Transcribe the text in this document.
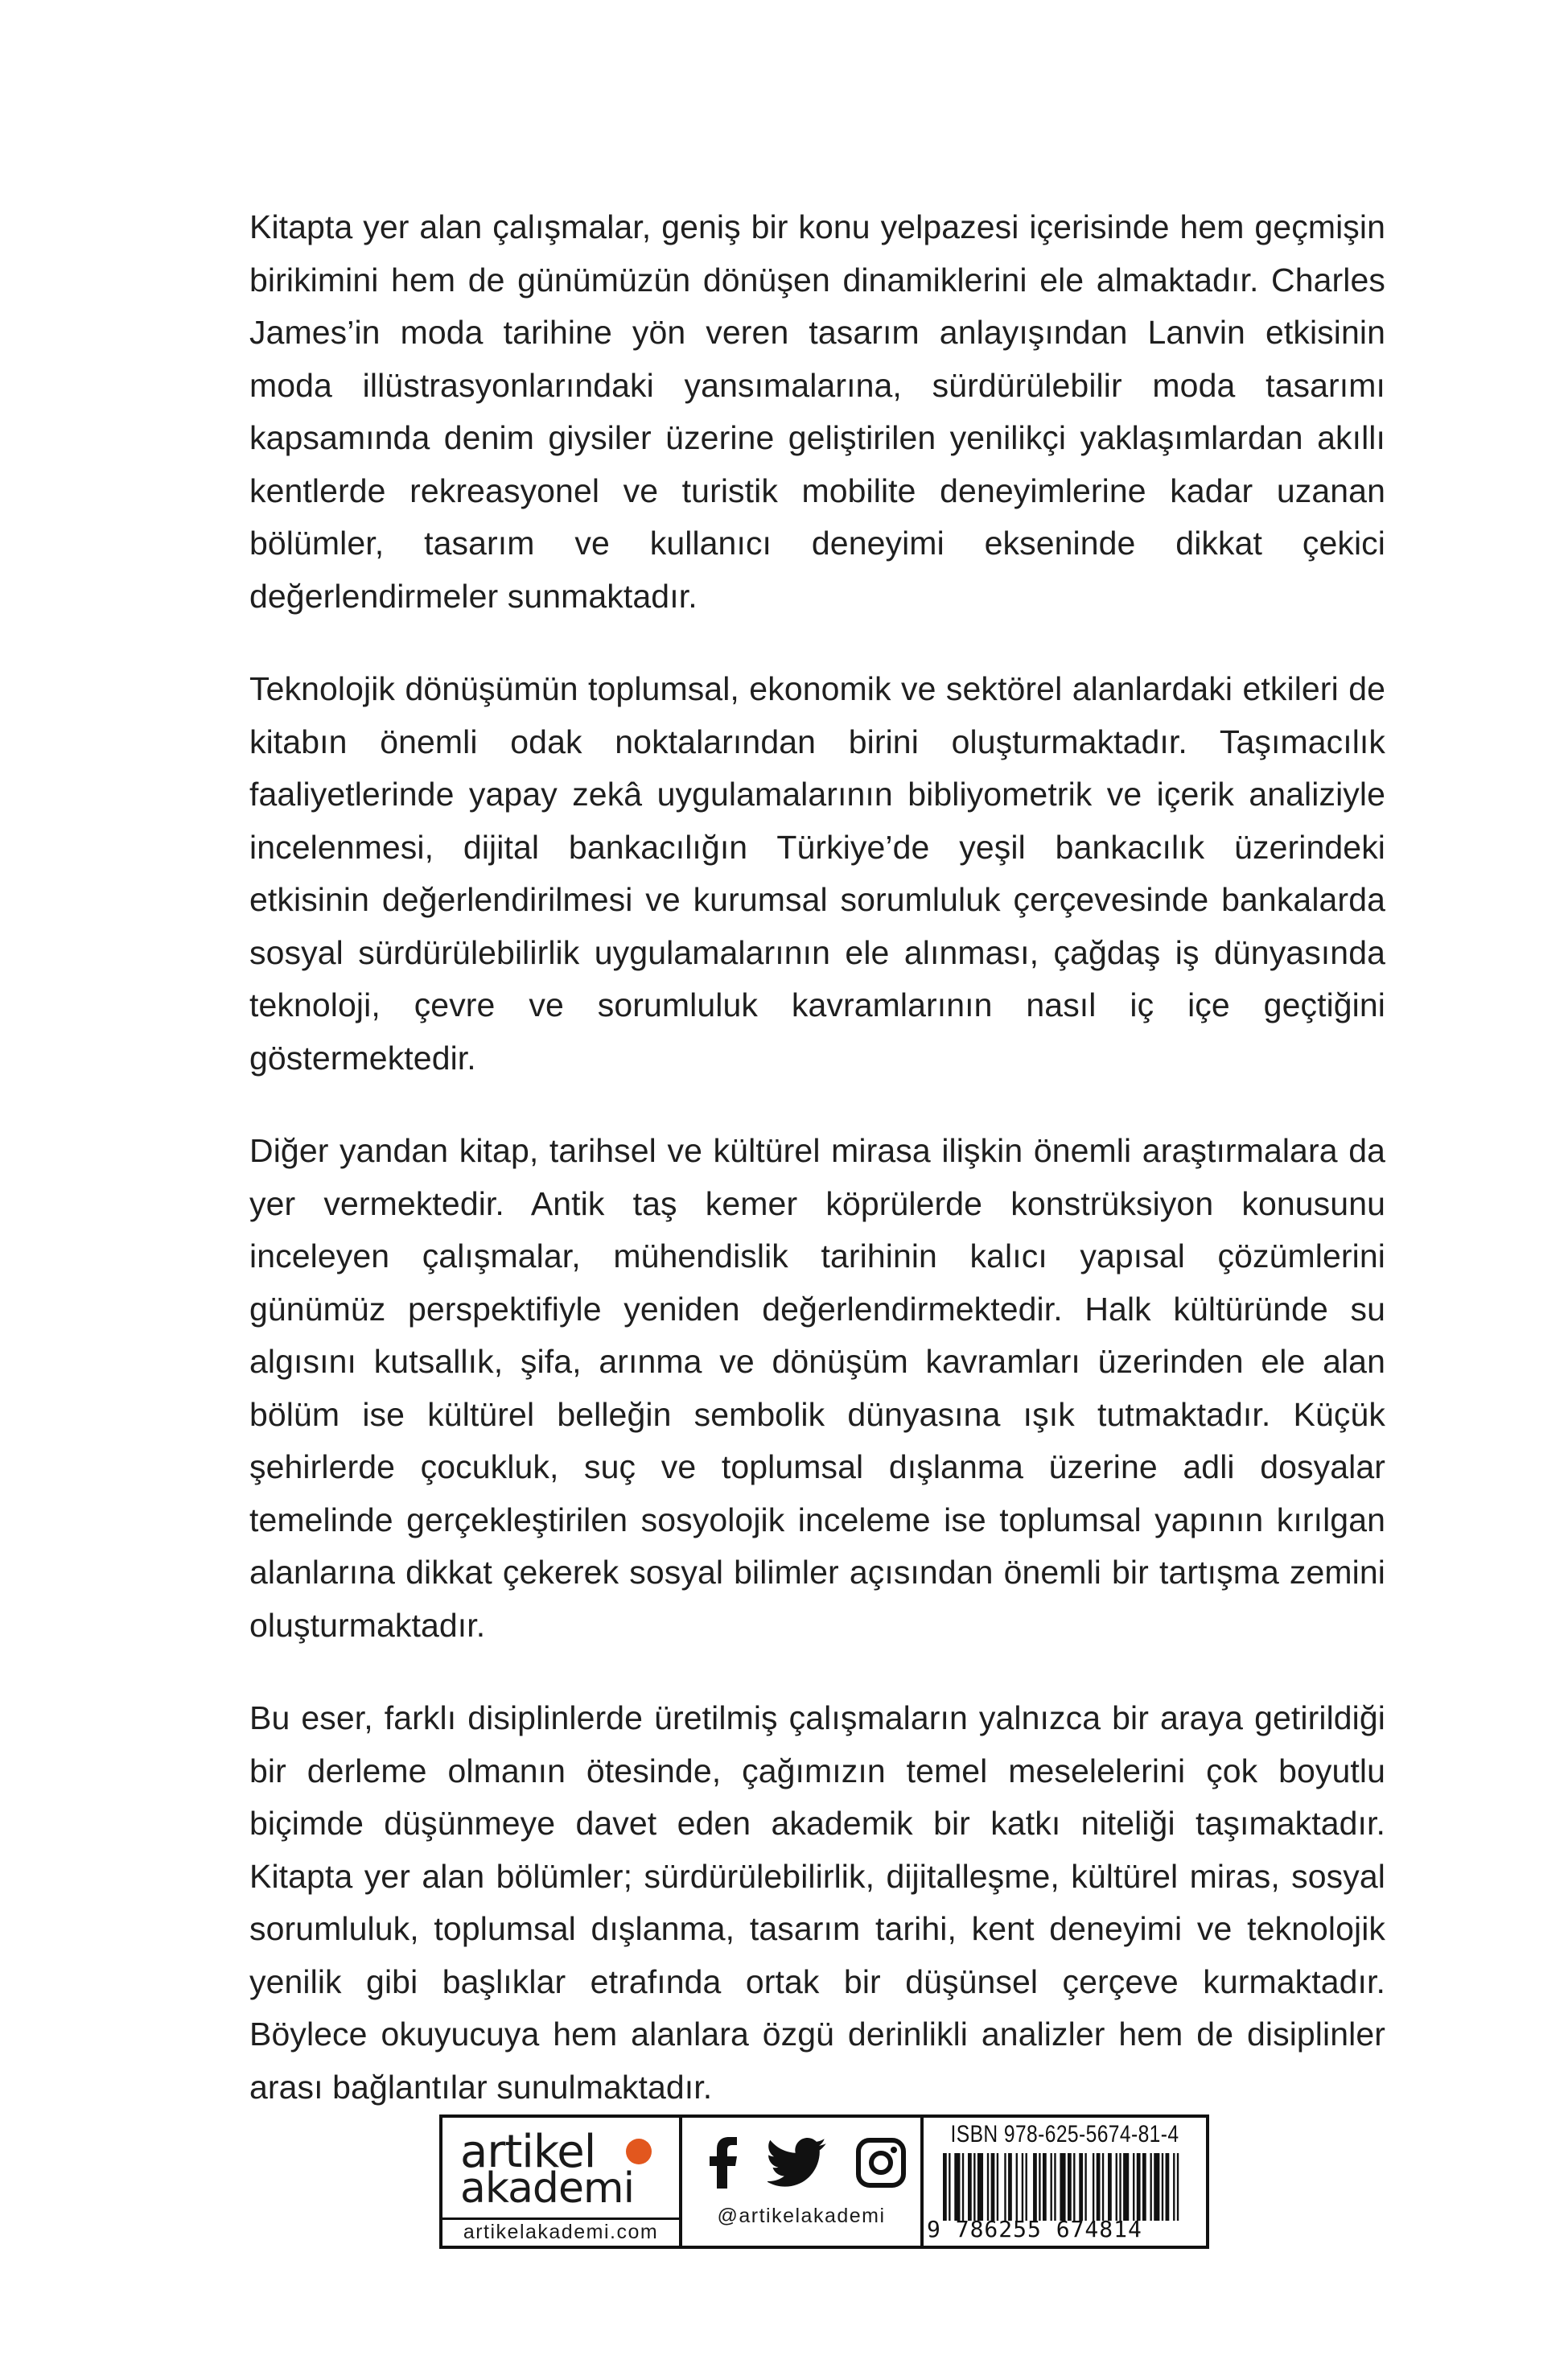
Kitapta yer alan çalışmalar, geniş bir konu yelpazesi içerisinde hem geçmişin birikimini hem de günümüzün dönüşen dinamiklerini ele almaktadır. Charles James’in moda tarihine yön veren tasarım anlayışından Lanvin etkisinin moda illüstrasyonlarındaki yansımalarına, sürdürülebilir moda tasarımı kapsamında denim giysiler üzerine geliştirilen yenilikçi yaklaşımlardan akıllı kentlerde rekreasyonel ve turistik mobilite deneyimlerine kadar uzanan bölümler, tasarım ve kullanıcı deneyimi ekseninde dikkat çekici değerlendirmeler sunmaktadır.

Teknolojik dönüşümün toplumsal, ekonomik ve sektörel alanlardaki etkileri de kitabın önemli odak noktalarından birini oluşturmaktadır. Taşımacılık faaliyetlerinde yapay zekâ uygulamalarının bibliyometrik ve içerik analiziyle incelenmesi, dijital bankacılığın Türkiye’de yeşil bankacılık üzerindeki etkisinin değerlendirilmesi ve kurumsal sorumluluk çerçevesinde bankalarda sosyal sürdürülebilirlik uygulamalarının ele alınması, çağdaş iş dünyasında teknoloji, çevre ve sorumluluk kavramlarının nasıl iç içe geçtiğini göstermektedir.

Diğer yandan kitap, tarihsel ve kültürel mirasa ilişkin önemli araştırmalara da yer vermektedir. Antik taş kemer köprülerde konstrüksiyon konusunu inceleyen çalışmalar, mühendislik tarihinin kalıcı yapısal çözümlerini günümüz perspektifiyle yeniden değerlendirmektedir. Halk kültüründe su algısını kutsallık, şifa, arınma ve dönüşüm kavramları üzerinden ele alan bölüm ise kültürel belleğin sembolik dünyasına ışık tutmaktadır. Küçük şehirlerde çocukluk, suç ve toplumsal dışlanma üzerine adli dosyalar temelinde gerçekleştirilen sosyolojik inceleme ise toplumsal yapının kırılgan alanlarına dikkat çekerek sosyal bilimler açısından önemli bir tartışma zemini oluşturmaktadır.

Bu eser, farklı disiplinlerde üretilmiş çalışmaların yalnızca bir araya getirildiği bir derleme olmanın ötesinde, çağımızın temel meselelerini çok boyutlu biçimde düşünmeye davet eden akademik bir katkı niteliği taşımaktadır. Kitapta yer alan bölümler; sürdürülebilirlik, dijitalleşme, kültürel miras, sosyal sorumluluk, toplumsal dışlanma, tasarım tarihi, kent deneyimi ve teknolojik yenilik gibi başlıklar etrafında ortak bir düşünsel çerçeve kurmaktadır. Böylece okuyucuya hem alanlara özgü derinlikli analizler hem de disiplinler arası bağlantılar sunulmaktadır.

artikel
akademi
artikelakademi.com
@artikelakademi
ISBN 978-625-5674-81-4
9 786255 674814
